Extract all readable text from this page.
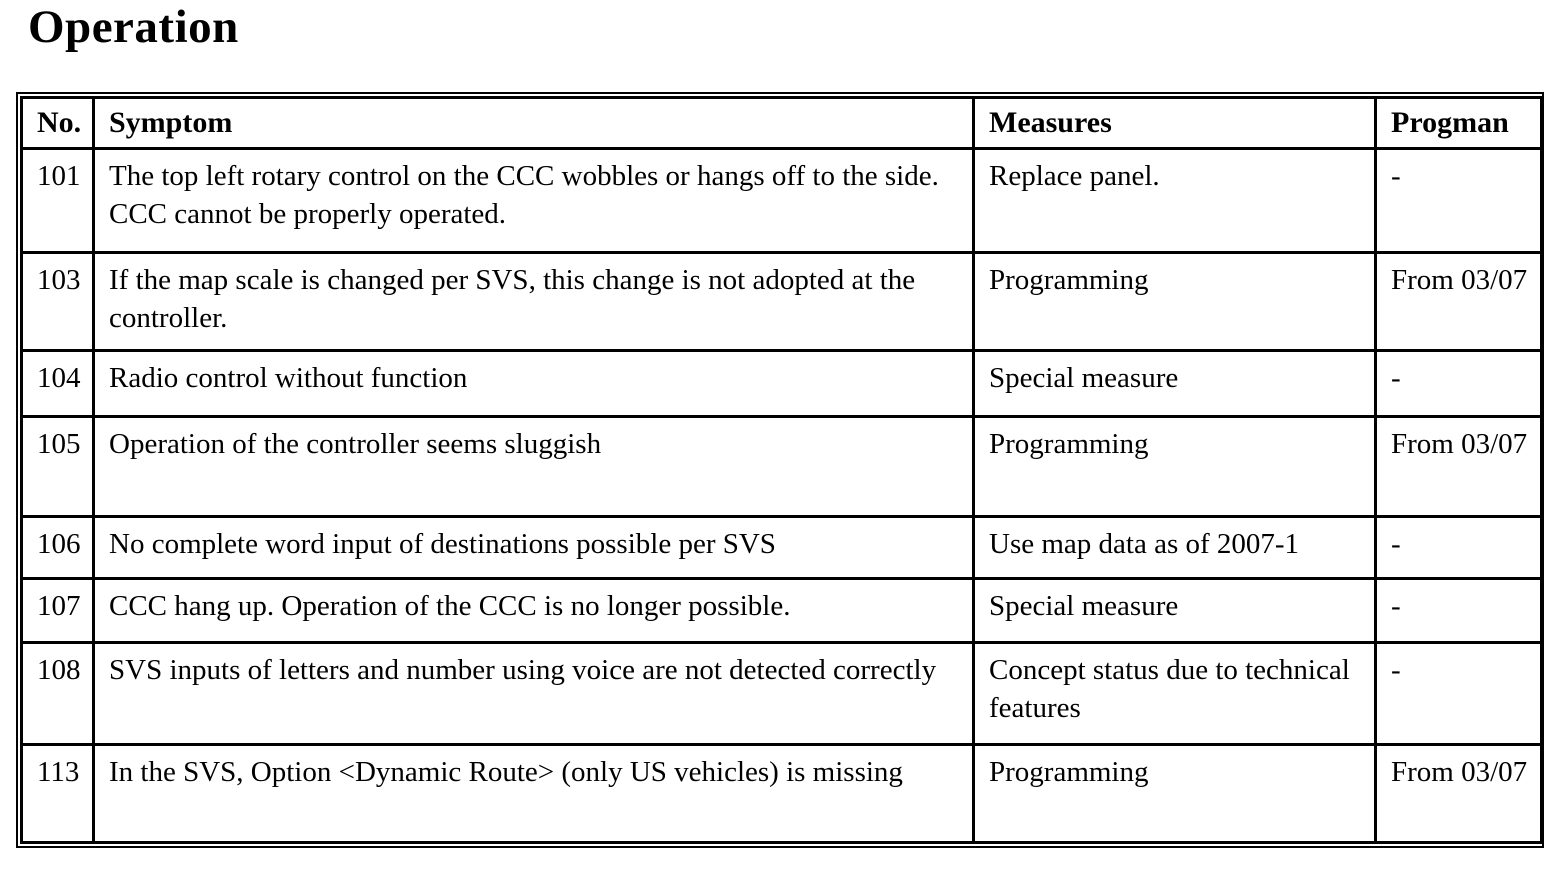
Operation
No.	Symptom	Measures	Progman
101	The top left rotary control on the CCC wobbles or hangs off to the side. CCC cannot be properly operated.	Replace panel.	-
103	If the map scale is changed per SVS, this change is not adopted at the controller.	Programming	From 03/07
104	Radio control without function	Special measure	-
105	Operation of the controller seems sluggish	Programming	From 03/07
106	No complete word input of destinations possible per SVS	Use map data as of 2007-1	-
107	CCC hang up. Operation of the CCC is no longer possible.	Special measure	-
108	SVS inputs of letters and number using voice are not detected correctly	Concept status due to technical features	-
113	In the SVS, Option <Dynamic Route> (only US vehicles) is missing	Programming	From 03/07
